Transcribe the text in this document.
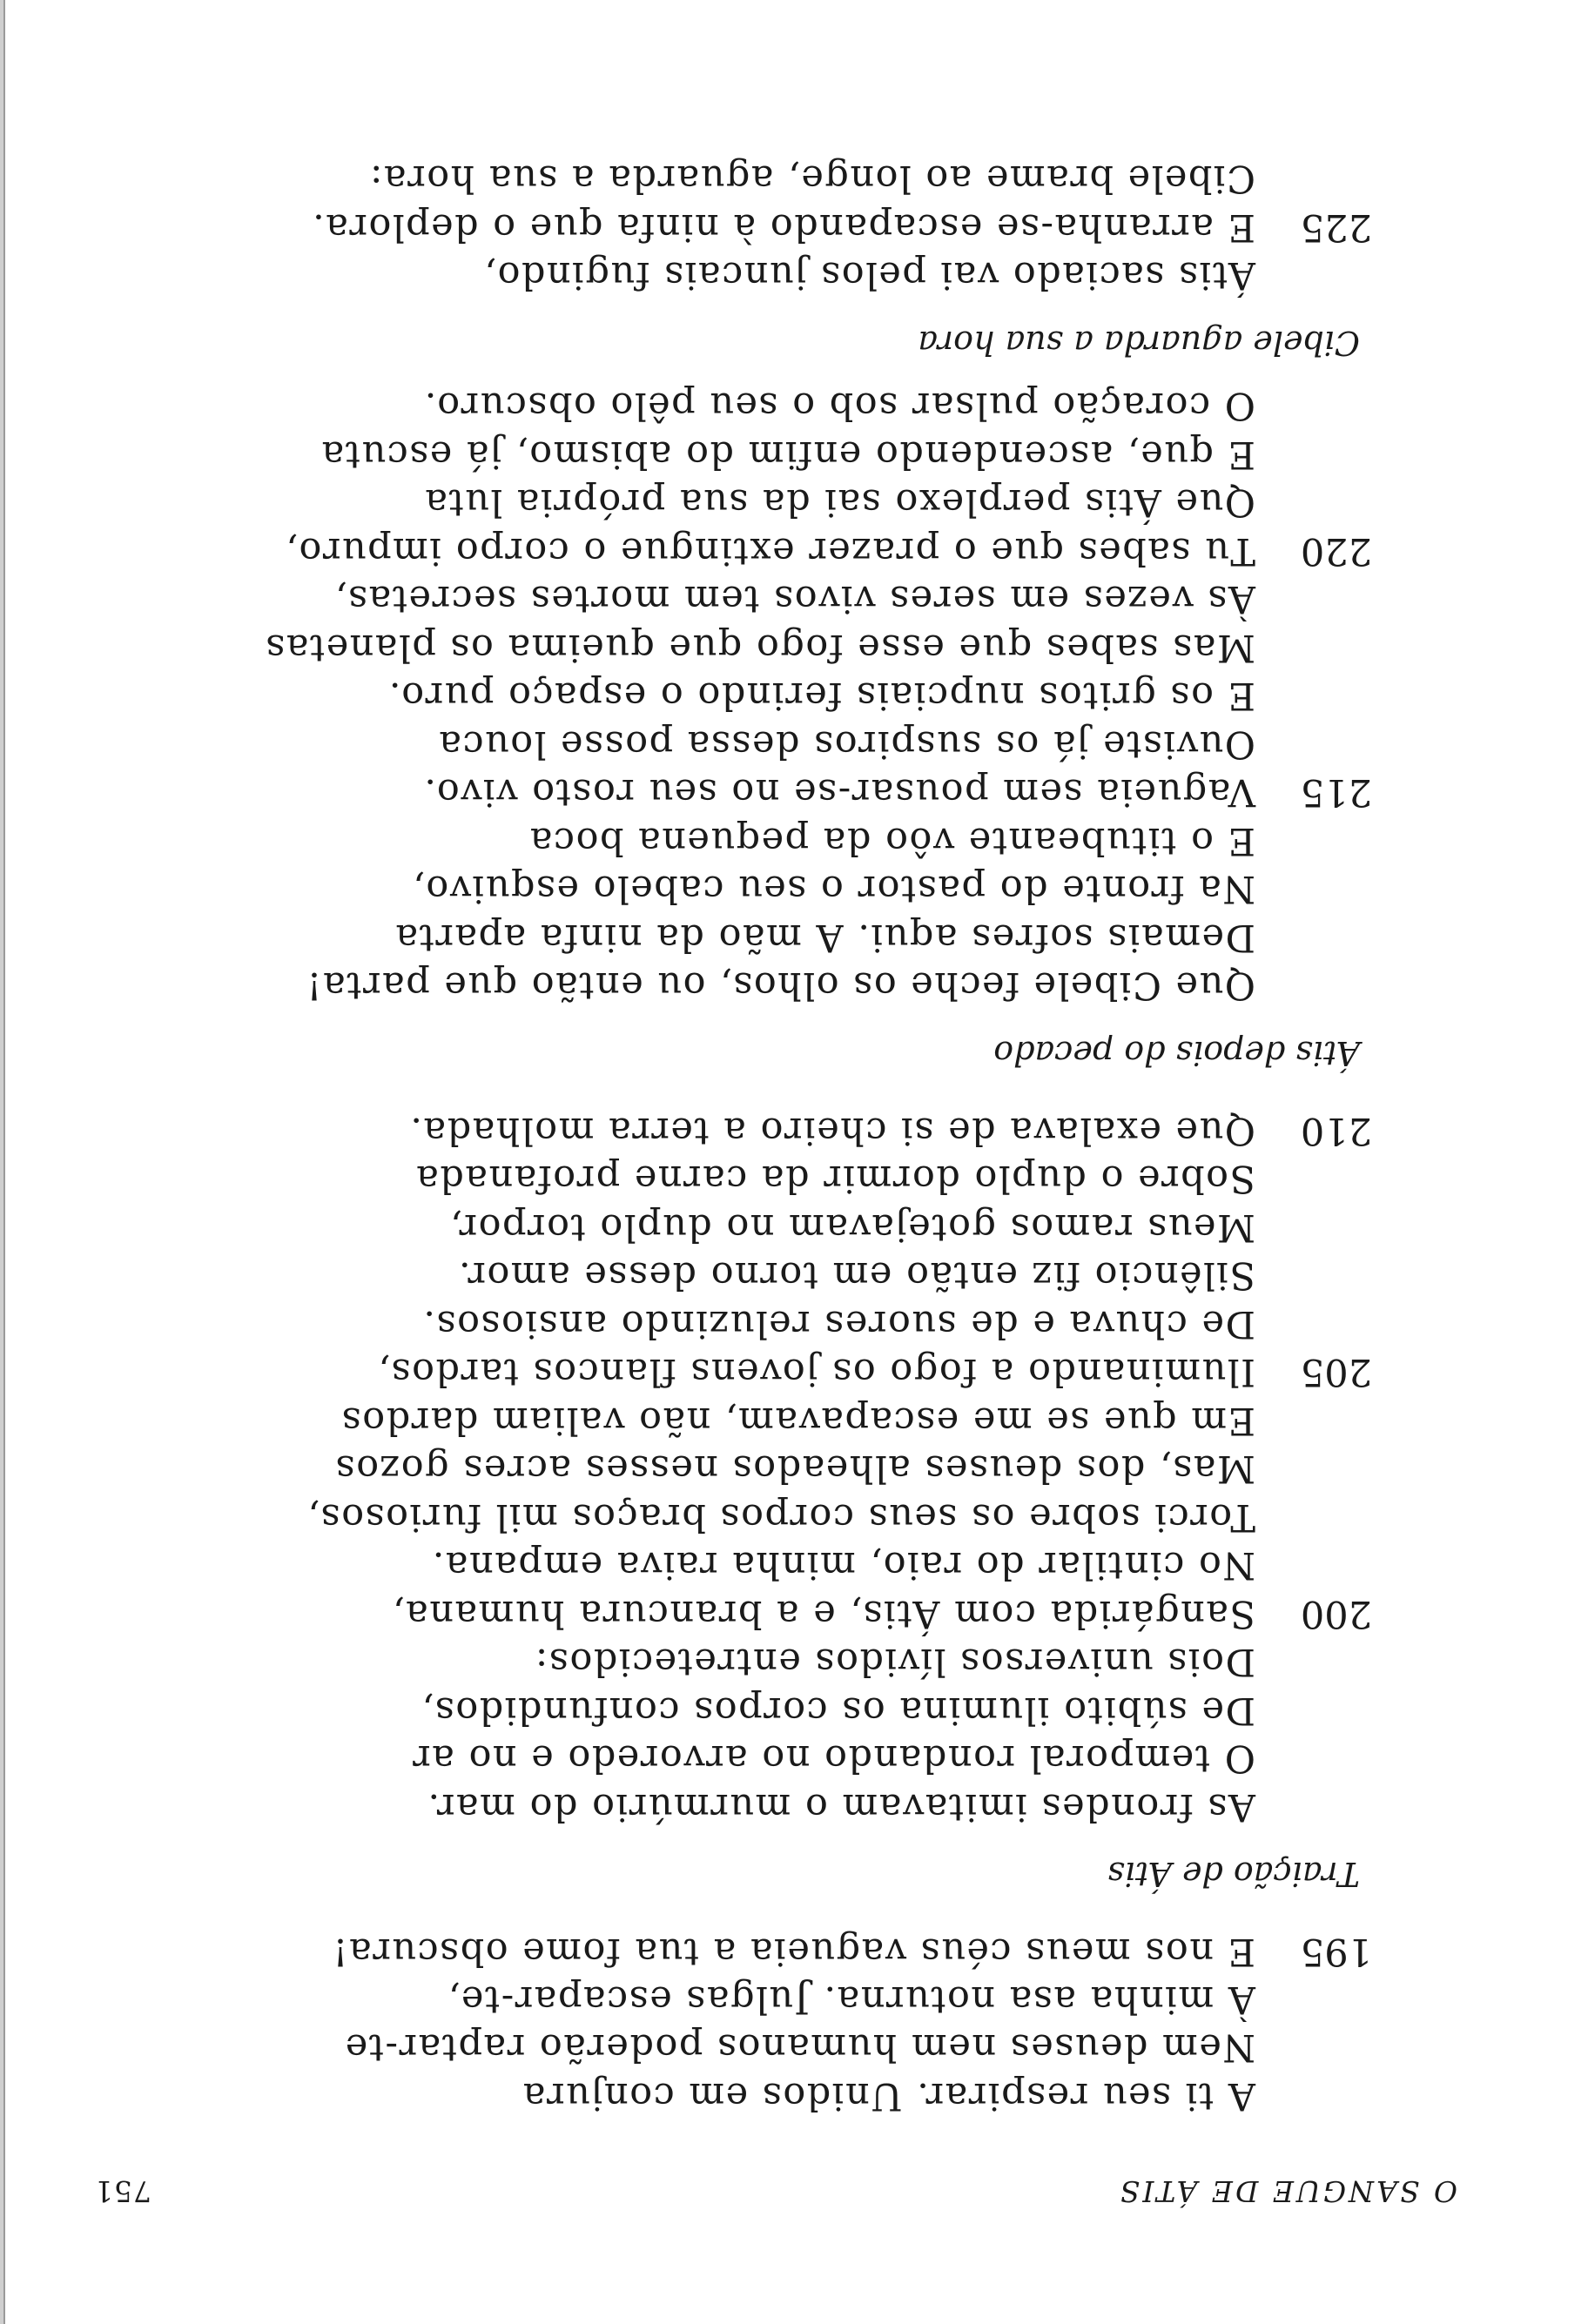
O SANGUE DE ÁTIS
751
A ti seu respirar. Unidos em conjura
Nem deuses nem humanos poderão raptar-te
À minha asa noturna. Julgas escapar-te,
E nos meus céus vagueia a tua fome obscura! 195
Traição de Átis
As frondes imitavam o murmúrio do mar.
O temporal rondando no arvoredo e no ar
De súbito ilumina os corpos confundidos,
Dois universos lívidos entretecidos:
Sangárida com Átis, e a brancura humana, 200
No cintilar do raio, minha raiva empana.
Torci sobre os seus corpos braços mil furiosos,
Mas, dos deuses alheados nesses acres gozos
Em que se me escapavam, não valiam dardos
Iluminando a fogo os jovens flancos tardos, 205
De chuva e de suores reluzindo ansiosos.
Silêncio fiz então em torno desse amor.
Meus ramos gotejavam no duplo torpor,
Sobre o duplo dormir da carne profanada
Que exalava de si cheiro a terra molhada. 210
Átis depois do pecado
Que Cibele feche os olhos, ou então que parta!
Demais sofres aqui. A mão da ninfa aparta
Na fronte do pastor o seu cabelo esquivo,
E o titubeante vôo da pequena boca
Vagueia sem pousar-se no seu rosto vivo. 215
Ouviste já os suspiros dessa posse louca
E os gritos nupciais ferindo o espaço puro.
Mas sabes que esse fogo que queima os planetas
Às vezes em seres vivos tem mortes secretas,
Tu sabes que o prazer extingue o corpo impuro, 220
Que Átis perplexo sai da sua própria luta
E que, ascendendo enfim do abismo, já escuta
O coração pulsar sob o seu pêlo obscuro.
Cibele aguarda a sua hora
Átis saciado vai pelos juncais fugindo,
E arranha-se escapando à ninfa que o deplora. 225
Cibele brame ao longe, aguarda a sua hora:
